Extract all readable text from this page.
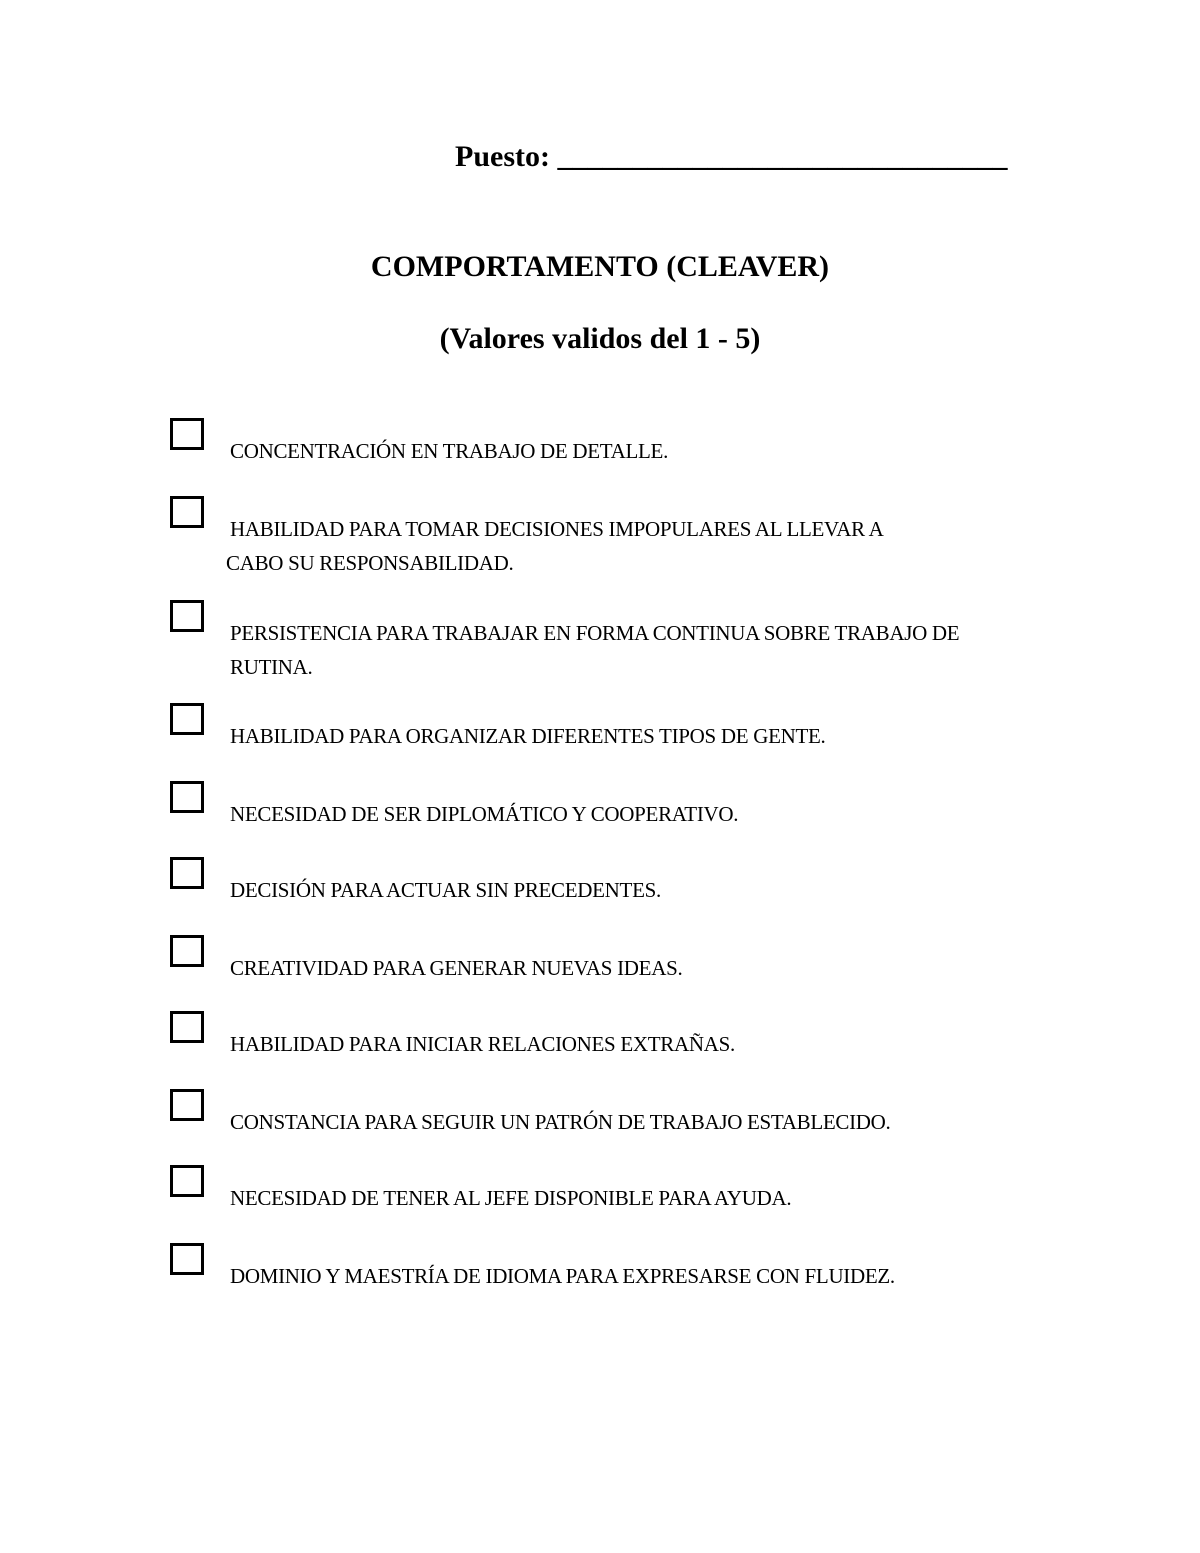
Puesto: ______________________________
COMPORTAMENTO (CLEAVER)
(Valores validos del 1 - 5)
CONCENTRACIÓN EN TRABAJO DE DETALLE.
HABILIDAD PARA TOMAR DECISIONES IMPOPULARES AL LLEVAR A
CABO SU RESPONSABILIDAD.
PERSISTENCIA PARA TRABAJAR EN FORMA CONTINUA SOBRE TRABAJO DE
RUTINA.
HABILIDAD PARA ORGANIZAR DIFERENTES TIPOS DE GENTE.
NECESIDAD DE SER DIPLOMÁTICO Y COOPERATIVO.
DECISIÓN PARA ACTUAR SIN PRECEDENTES.
CREATIVIDAD PARA GENERAR NUEVAS IDEAS.
HABILIDAD PARA INICIAR RELACIONES EXTRAÑAS.
CONSTANCIA PARA SEGUIR UN PATRÓN DE TRABAJO ESTABLECIDO.
NECESIDAD DE TENER AL JEFE DISPONIBLE PARA AYUDA.
DOMINIO Y MAESTRÍA DE IDIOMA PARA EXPRESARSE CON FLUIDEZ.
